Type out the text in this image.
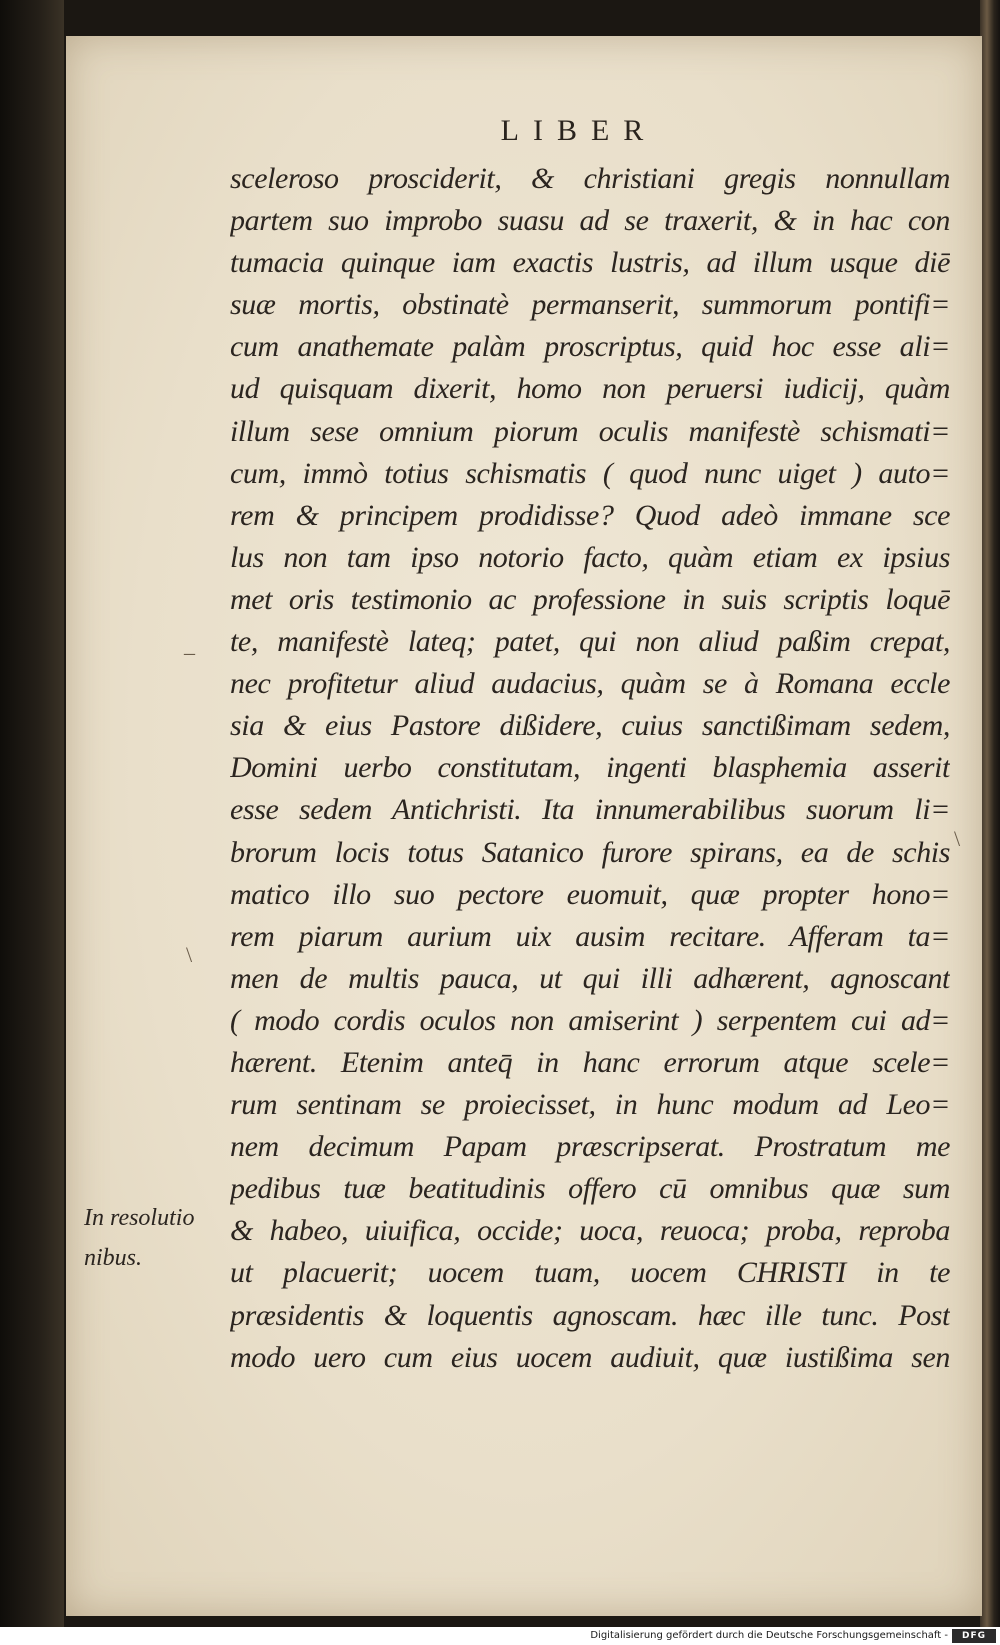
LIBER
sceleroso prosciderit, & christiani gregis nonnullam
partem suo improbo suasu ad se traxerit, & in hac con
tumacia quinque iam exactis lustris, ad illum usque diē
suæ mortis, obstinatè permanserit, summorum pontifi=
cum anathemate palàm proscriptus, quid hoc esse ali=
ud quisquam dixerit, homo non peruersi iudicij, quàm
illum sese omnium piorum oculis manifestè schismati=
cum, immò totius schismatis ( quod nunc uiget ) auto=
rem & principem prodidisse? Quod adeò immane sce
lus non tam ipso notorio facto, quàm etiam ex ipsius
met oris testimonio ac professione in suis scriptis loquē
te, manifestè lateq; patet, qui non aliud paßim crepat,
nec profitetur aliud audacius, quàm se à Romana eccle
sia & eius Pastore dißidere, cuius sanctißimam sedem,
Domini uerbo constitutam, ingenti blasphemia asserit
esse sedem Antichristi. Ita innumerabilibus suorum li=
brorum locis totus Satanico furore spirans, ea de schis
matico illo suo pectore euomuit, quæ propter hono=
rem piarum aurium uix ausim recitare. Afferam ta=
men de multis pauca, ut qui illi adhærent, agnoscant
( modo cordis oculos non amiserint ) serpentem cui ad=
hærent. Etenim anteq̄ in hanc errorum atque scele=
rum sentinam se proiecisset, in hunc modum ad Leo=
nem decimum Papam præscripserat. Prostratum me
pedibus tuæ beatitudinis offero cū omnibus quæ sum
& habeo, uiuifica, occide; uoca, reuoca; proba, reproba
ut placuerit; uocem tuam, uocem CHRISTI in te
præsidentis & loquentis agnoscam. hæc ille tunc. Post
modo uero cum eius uocem audiuit, quæ iustißima sen
In resolutio
nibus.
_
\
\
Digitalisierung gefördert durch die Deutsche Forschungsgemeinschaft -	DFG
